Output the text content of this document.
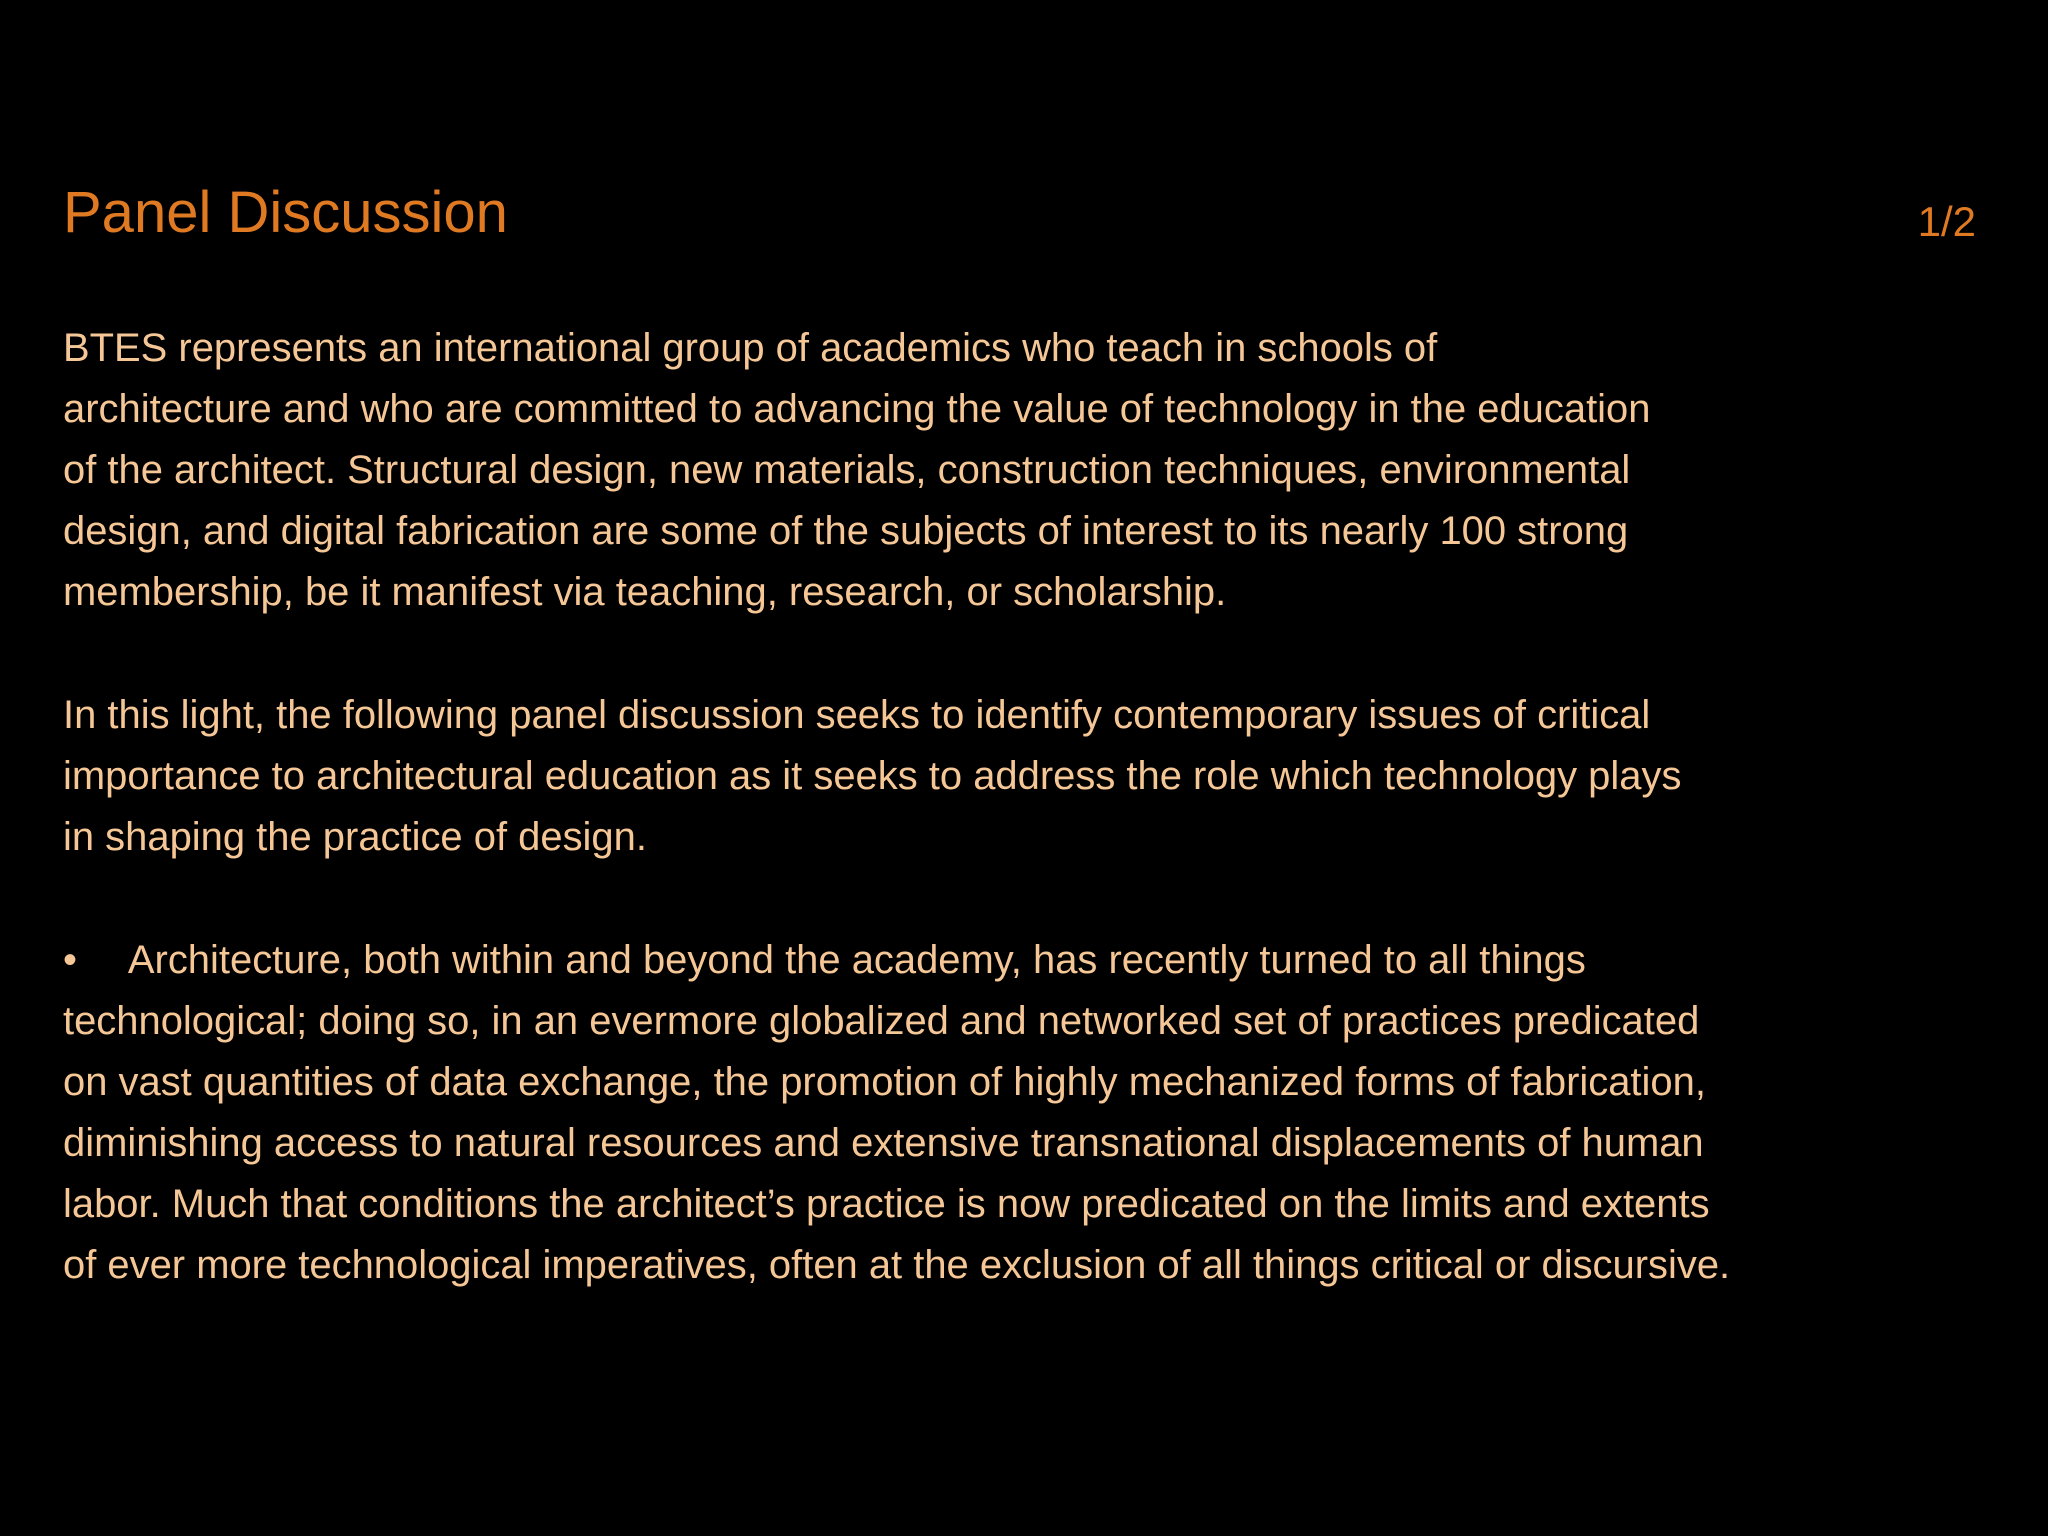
Panel Discussion	1/2
BTES represents an international group of academics who teach in schools of
architecture and who are committed to advancing the value of technology in the education
of the architect. Structural design, new materials, construction techniques, environmental
design, and digital fabrication are some of the subjects of interest to its nearly 100 strong
membership, be it manifest via teaching, research, or scholarship.
In this light, the following panel discussion seeks to identify contemporary issues of critical
importance to architectural education as it seeks to address the role which technology plays
in shaping the practice of design.
• Architecture, both within and beyond the academy, has recently turned to all things
technological; doing so, in an evermore globalized and networked set of practices predicated
on vast quantities of data exchange, the promotion of highly mechanized forms of fabrication,
diminishing access to natural resources and extensive transnational displacements of human
labor. Much that conditions the architect’s practice is now predicated on the limits and extents
of ever more technological imperatives, often at the exclusion of all things critical or discursive.
